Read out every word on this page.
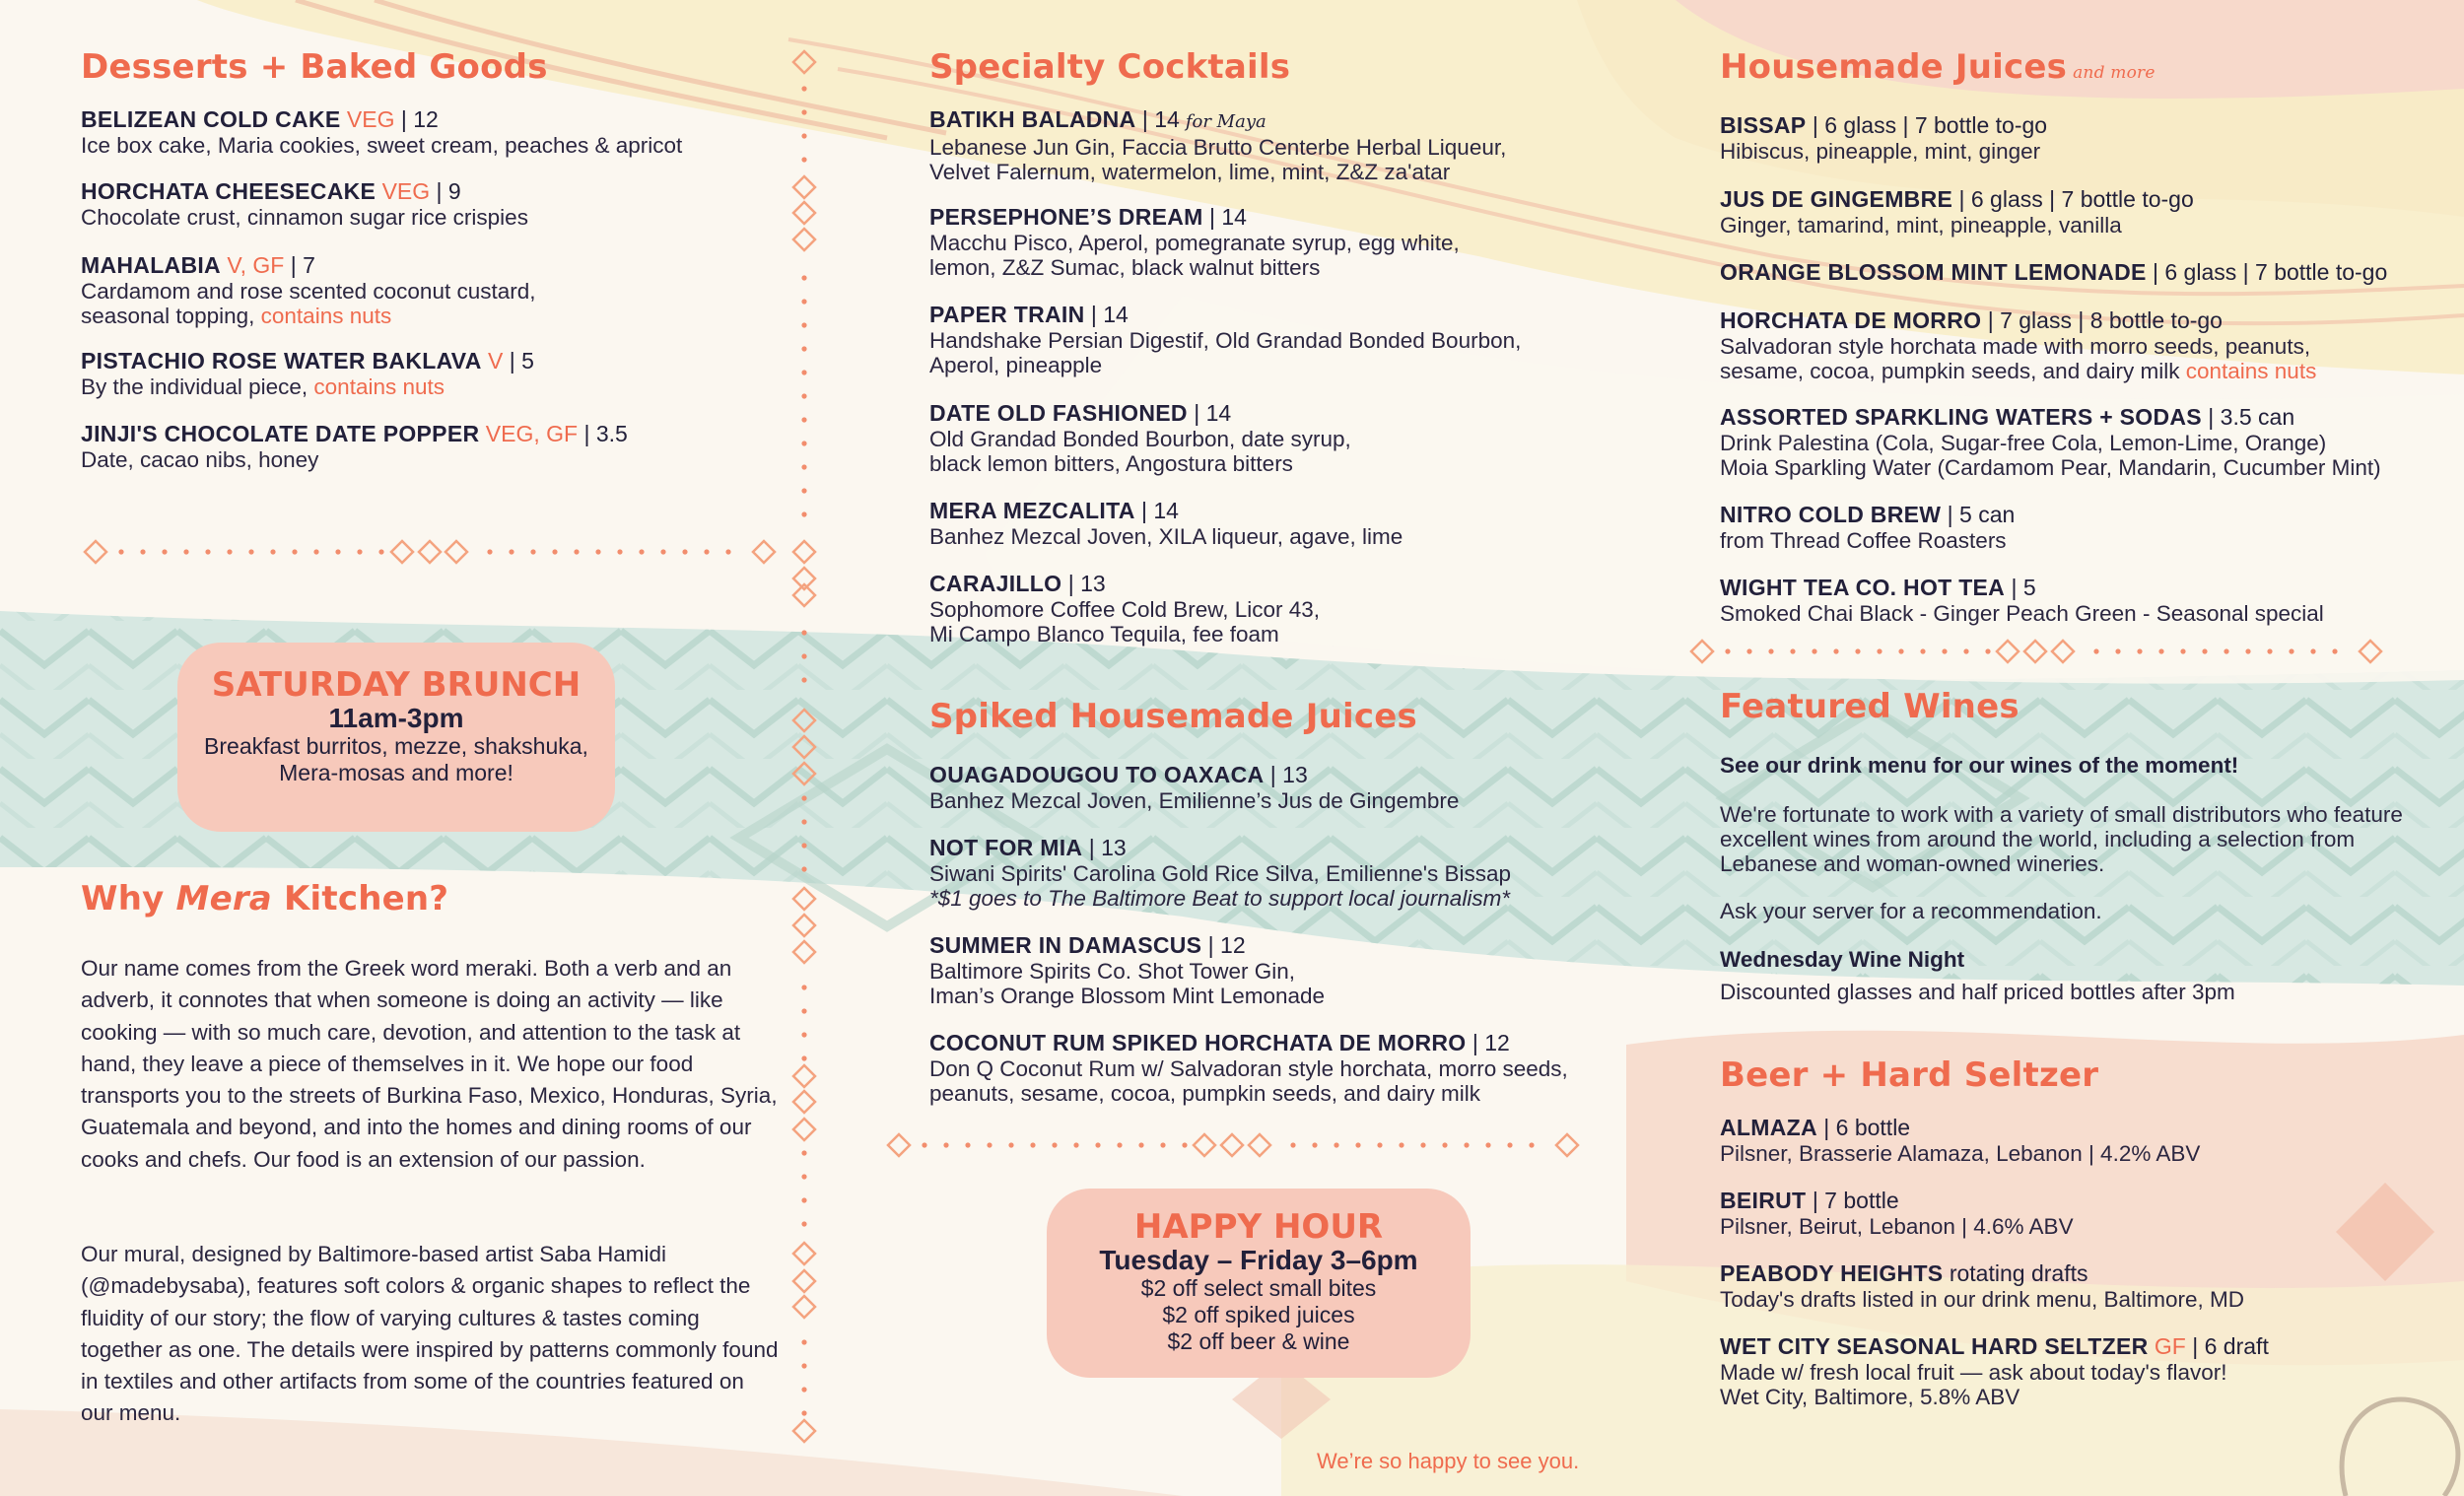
Desserts + Baked Goods
BELIZEAN COLD CAKE VEG | 12
Ice box cake, Maria cookies, sweet cream, peaches & apricot
HORCHATA CHEESECAKE VEG | 9
Chocolate crust, cinnamon sugar rice crispies
MAHALABIA V, GF | 7
Cardamom and rose scented coconut custard,
seasonal topping, contains nuts
PISTACHIO ROSE WATER BAKLAVA V | 5
By the individual piece, contains nuts
JINJI'S CHOCOLATE DATE POPPER VEG, GF | 3.5
Date, cacao nibs, honey
Why Mera Kitchen?
Our name comes from the Greek word meraki. Both a verb and an adverb, it connotes that when someone is doing an activity — like cooking — with so much care, devotion, and attention to the task at hand, they leave a piece of themselves in it. We hope our food transports you to the streets of Burkina Faso, Mexico, Honduras, Syria, Guatemala and beyond, and into the homes and dining rooms of our cooks and chefs. Our food is an extension of our passion.
Our mural, designed by Baltimore-based artist Saba Hamidi (@madebysaba), features soft colors & organic shapes to reflect the fluidity of our story; the flow of varying cultures & tastes coming together as one. The details were inspired by patterns commonly found in textiles and other artifacts from some of the countries featured on our menu.
SATURDAY BRUNCH
11am-3pm
Breakfast burritos, mezze, shakshuka,
Mera-mosas and more!
Specialty Cocktails
BATIKH BALADNA | 14 for Maya
Lebanese Jun Gin, Faccia Brutto Centerbe Herbal Liqueur,
Velvet Falernum, watermelon, lime, mint, Z&Z za'atar
PERSEPHONE’S DREAM | 14
Macchu Pisco, Aperol, pomegranate syrup, egg white,
lemon, Z&Z Sumac, black walnut bitters
PAPER TRAIN | 14
Handshake Persian Digestif, Old Grandad Bonded Bourbon,
Aperol, pineapple
DATE OLD FASHIONED | 14
Old Grandad Bonded Bourbon, date syrup,
black lemon bitters, Angostura bitters
MERA MEZCALITA | 14
Banhez Mezcal Joven, XILA liqueur, agave, lime
CARAJILLO | 13
Sophomore Coffee Cold Brew, Licor 43,
Mi Campo Blanco Tequila, fee foam
Spiked Housemade Juices
OUAGADOUGOU TO OAXACA | 13
Banhez Mezcal Joven, Emilienne’s Jus de Gingembre
NOT FOR MIA | 13
Siwani Spirits' Carolina Gold Rice Silva, Emilienne's Bissap
*$1 goes to The Baltimore Beat to support local journalism*
SUMMER IN DAMASCUS | 12
Baltimore Spirits Co. Shot Tower Gin,
Iman’s Orange Blossom Mint Lemonade
COCONUT RUM SPIKED HORCHATA DE MORRO | 12
Don Q Coconut Rum w/ Salvadoran style horchata, morro seeds,
peanuts, sesame, cocoa, pumpkin seeds, and dairy milk
HAPPY HOUR
Tuesday – Friday 3–6pm
$2 off select small bites
$2 off spiked juices
$2 off beer & wine
Housemade Juices and more
BISSAP | 6 glass | 7 bottle to-go
Hibiscus, pineapple, mint, ginger
JUS DE GINGEMBRE | 6 glass | 7 bottle to-go
Ginger, tamarind, mint, pineapple, vanilla
ORANGE BLOSSOM MINT LEMONADE | 6 glass | 7 bottle to-go
HORCHATA DE MORRO | 7 glass | 8 bottle to-go
Salvadoran style horchata made with morro seeds, peanuts,
sesame, cocoa, pumpkin seeds, and dairy milk contains nuts
ASSORTED SPARKLING WATERS + SODAS | 3.5 can
Drink Palestina (Cola, Sugar-free Cola, Lemon-Lime, Orange)
Moia Sparkling Water (Cardamom Pear, Mandarin, Cucumber Mint)
NITRO COLD BREW | 5 can
from Thread Coffee Roasters
WIGHT TEA CO. HOT TEA | 5
Smoked Chai Black - Ginger Peach Green - Seasonal special
Featured Wines
See our drink menu for our wines of the moment!
We're fortunate to work with a variety of small distributors who feature excellent wines from around the world, including a selection from Lebanese and woman-owned wineries.
Ask your server for a recommendation.
Wednesday Wine Night
Discounted glasses and half priced bottles after 3pm
Beer + Hard Seltzer
ALMAZA | 6 bottle
Pilsner, Brasserie Alamaza, Lebanon | 4.2% ABV
BEIRUT | 7 bottle
Pilsner, Beirut, Lebanon | 4.6% ABV
PEABODY HEIGHTS rotating drafts
Today's drafts listed in our drink menu, Baltimore, MD
WET CITY SEASONAL HARD SELTZER GF | 6 draft
Made w/ fresh local fruit — ask about today's flavor!
Wet City, Baltimore, 5.8% ABV
We’re so happy to see you.
